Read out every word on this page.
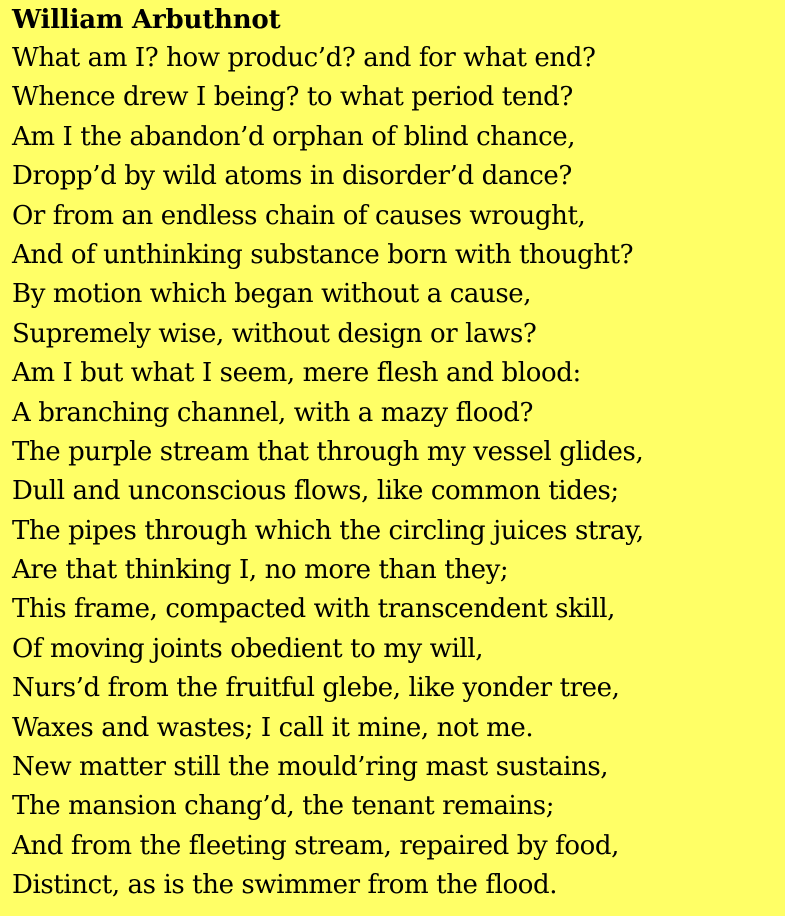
William Arbuthnot
What am I? how produc’d? and for what end?
Whence drew I being? to what period tend?
Am I the abandon’d orphan of blind chance,
Dropp’d by wild atoms in disorder’d dance?
Or from an endless chain of causes wrought,
And of unthinking substance born with thought?
By motion which began without a cause,
Supremely wise, without design or laws?
Am I but what I seem, mere flesh and blood:
A branching channel, with a mazy flood?
The purple stream that through my vessel glides,
Dull and unconscious flows, like common tides;
The pipes through which the circling juices stray,
Are that thinking I, no more than they;
This frame, compacted with transcendent skill,
Of moving joints obedient to my will,
Nurs’d from the fruitful glebe, like yonder tree,
Waxes and wastes; I call it mine, not me.
New matter still the mould’ring mast sustains,
The mansion chang’d, the tenant remains;
And from the fleeting stream, repaired by food,
Distinct, as is the swimmer from the flood.
